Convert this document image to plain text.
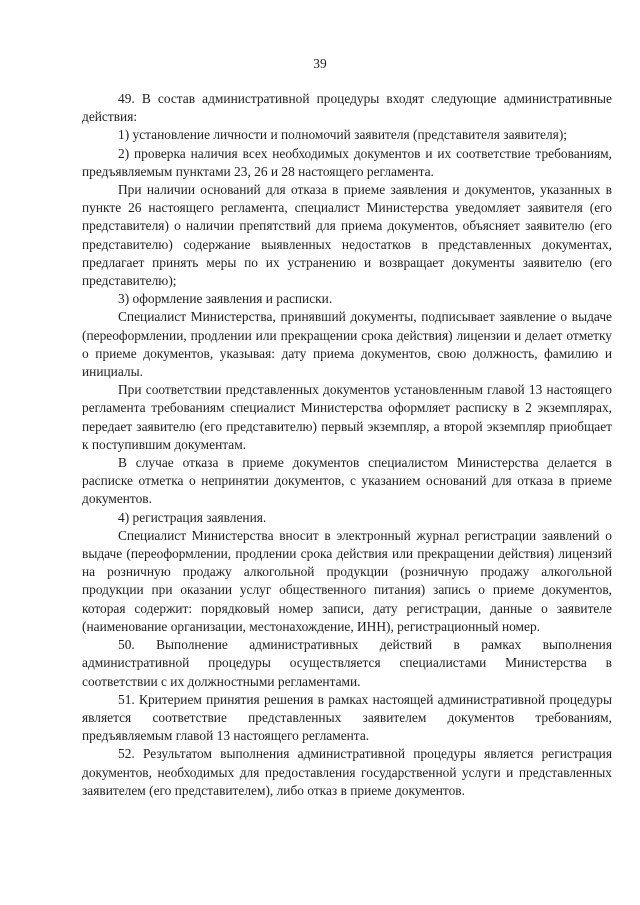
39

49. В состав административной процедуры входят следующие административные действия:

1) установление личности и полномочий заявителя (представителя заявителя);

2) проверка наличия всех необходимых документов и их соответствие требованиям, предъявляемым пунктами 23, 26 и 28 настоящего регламента.

При наличии оснований для отказа в приеме заявления и документов, указанных в пункте 26 настоящего регламента, специалист Министерства уведомляет заявителя (его представителя) о наличии препятствий для приема документов, объясняет заявителю (его представителю) содержание выявленных недостатков в представленных документах, предлагает принять меры по их устранению и возвращает документы заявителю (его представителю);

3) оформление заявления и расписки.

Специалист Министерства, принявший документы, подписывает заявление о выдаче (переоформлении, продлении или прекращении срока действия) лицензии и делает отметку о приеме документов, указывая: дату приема документов, свою должность, фамилию и инициалы.

При соответствии представленных документов установленным главой 13 настоящего регламента требованиям специалист Министерства оформляет расписку в 2 экземплярах, передает заявителю (его представителю) первый экземпляр, а второй экземпляр приобщает к поступившим документам.

В случае отказа в приеме документов специалистом Министерства делается в расписке отметка о непринятии документов, с указанием оснований для отказа в приеме документов.

4) регистрация заявления.

Специалист Министерства вносит в электронный журнал регистрации заявлений о выдаче (переоформлении, продлении срока действия или прекращении действия) лицензий на розничную продажу алкогольной продукции (розничную продажу алкогольной продукции при оказании услуг общественного питания) запись о приеме документов, которая содержит: порядковый номер записи, дату регистрации, данные о заявителе (наименование организации, местонахождение, ИНН), регистрационный номер.

50. Выполнение административных действий в рамках выполнения административной процедуры осуществляется специалистами Министерства в соответствии с их должностными регламентами.

51. Критерием принятия решения в рамках настоящей административной процедуры является соответствие представленных заявителем документов требованиям, предъявляемым главой 13 настоящего регламента.

52. Результатом выполнения административной процедуры является регистрация документов, необходимых для предоставления государственной услуги и представленных заявителем (его представителем), либо отказ в приеме документов.
